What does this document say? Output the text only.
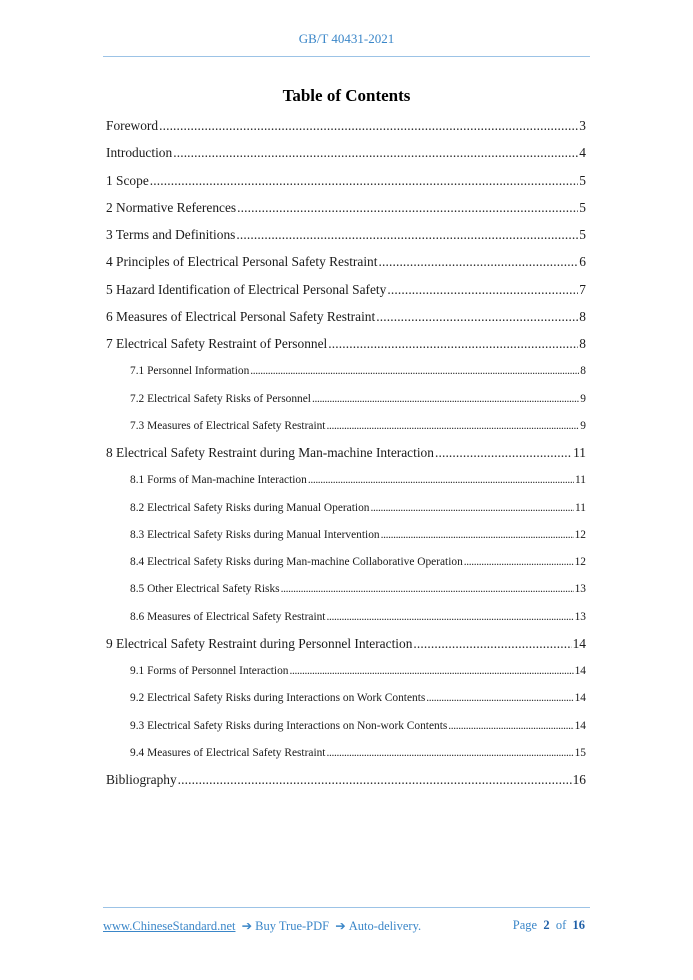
GB/T 40431-2021
Table of Contents
Foreword . . .	3
Introduction . . .	4
1 Scope . . .	5
2 Normative References . . .	5
3 Terms and Definitions . . .	5
4 Principles of Electrical Personal Safety Restraint . . .	6
5 Hazard Identification of Electrical Personal Safety . . .	7
6 Measures of Electrical Personal Safety Restraint . . .	8
7 Electrical Safety Restraint of Personnel . . .	8
7.1 Personnel Information . . .	8
7.2 Electrical Safety Risks of Personnel . . .	9
7.3 Measures of Electrical Safety Restraint . . .	9
8 Electrical Safety Restraint during Man-machine Interaction . . .	11
8.1 Forms of Man-machine Interaction . . .	11
8.2 Electrical Safety Risks during Manual Operation . . .	11
8.3 Electrical Safety Risks during Manual Intervention . . .	12
8.4 Electrical Safety Risks during Man-machine Collaborative Operation . . .	12
8.5 Other Electrical Safety Risks . . .	13
8.6 Measures of Electrical Safety Restraint . . .	13
9 Electrical Safety Restraint during Personnel Interaction . . .	14
9.1 Forms of Personnel Interaction . . .	14
9.2 Electrical Safety Risks during Interactions on Work Contents . . .	14
9.3 Electrical Safety Risks during Interactions on Non-work Contents . . .	14
9.4 Measures of Electrical Safety Restraint . . .	15
Bibliography . . .	16
www.ChineseStandard.net ➔ Buy True-PDF ➔ Auto-delivery.	Page 2 of 16
